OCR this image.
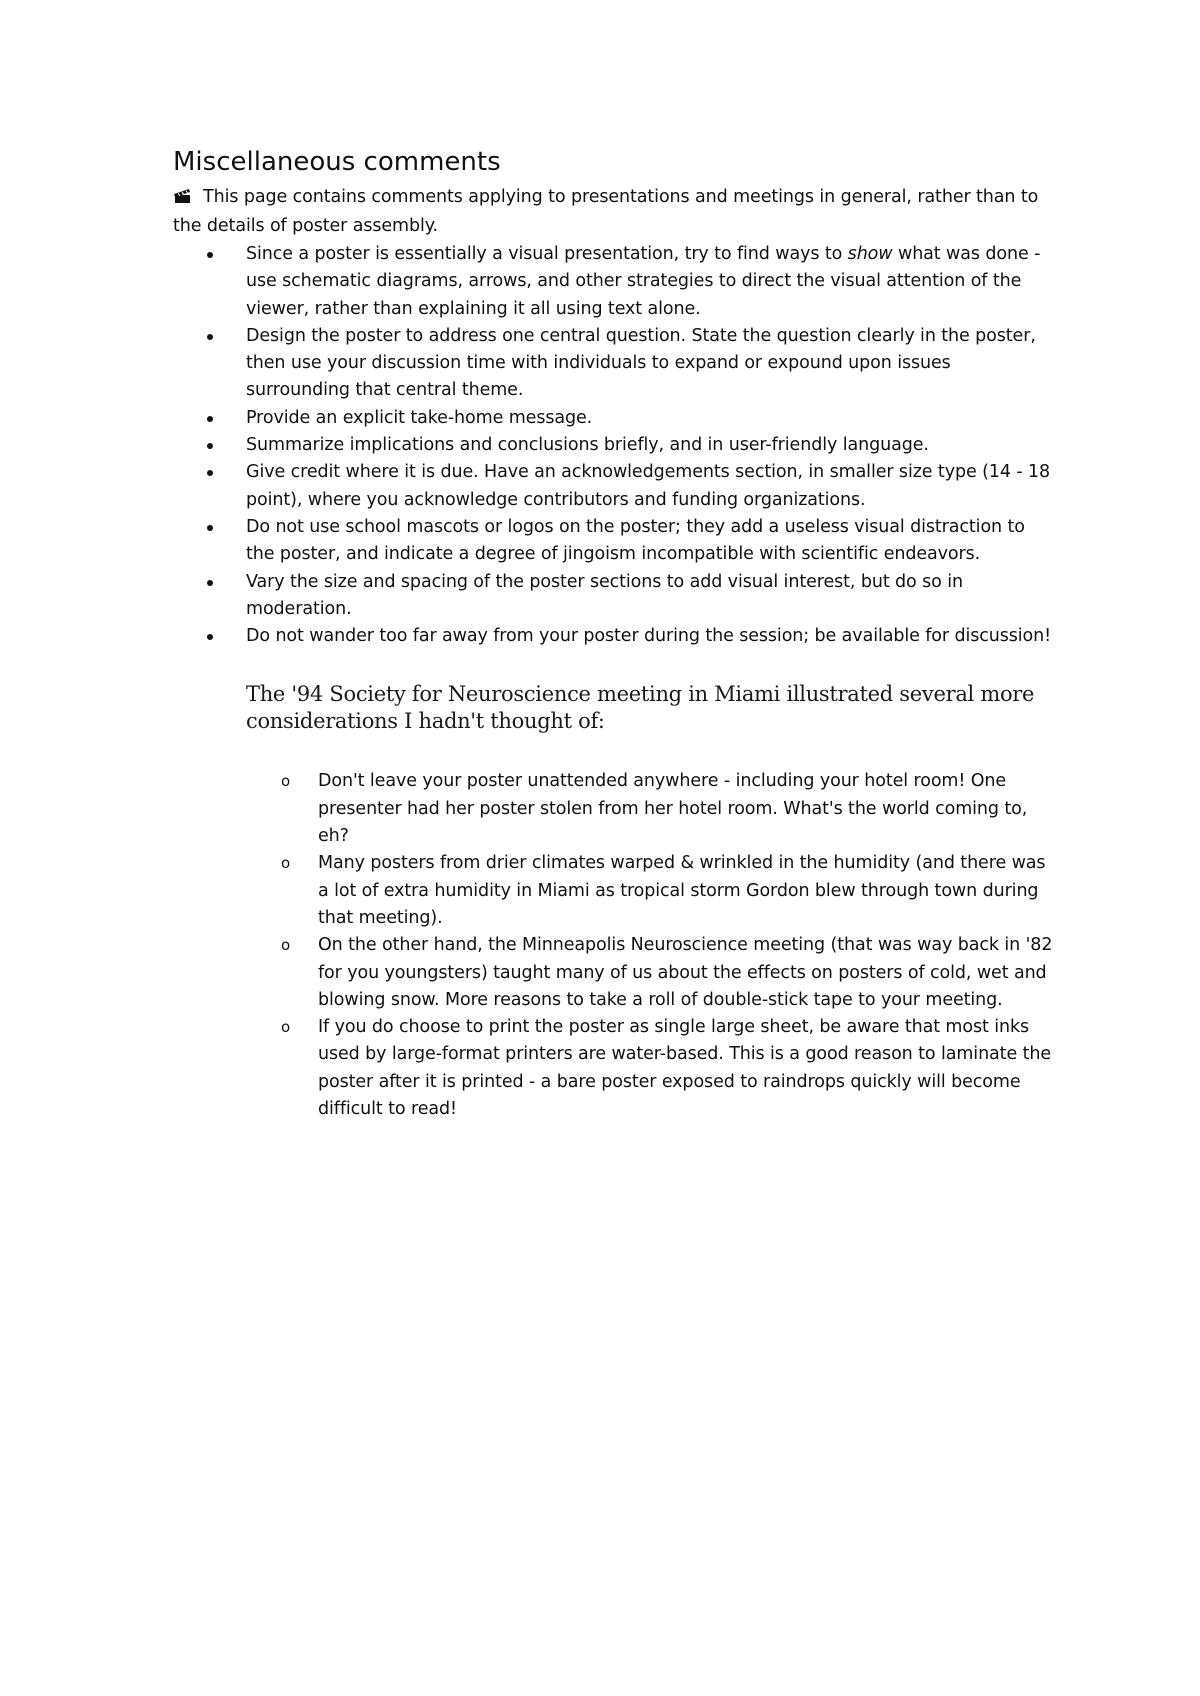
Miscellaneous comments

This page contains comments applying to presentations and meetings in general, rather than to the details of poster assembly.

Since a poster is essentially a visual presentation, try to find ways to show what was done - use schematic diagrams, arrows, and other strategies to direct the visual attention of the viewer, rather than explaining it all using text alone.
Design the poster to address one central question. State the question clearly in the poster, then use your discussion time with individuals to expand or expound upon issues surrounding that central theme.
Provide an explicit take-home message.
Summarize implications and conclusions briefly, and in user-friendly language.
Give credit where it is due. Have an acknowledgements section, in smaller size type (14 - 18 point), where you acknowledge contributors and funding organizations.
Do not use school mascots or logos on the poster; they add a useless visual distraction to the poster, and indicate a degree of jingoism incompatible with scientific endeavors.
Vary the size and spacing of the poster sections to add visual interest, but do so in moderation.
Do not wander too far away from your poster during the session; be available for discussion!

The '94 Society for Neuroscience meeting in Miami illustrated several more considerations I hadn't thought of:

o Don't leave your poster unattended anywhere - including your hotel room! One presenter had her poster stolen from her hotel room. What's the world coming to, eh?
o Many posters from drier climates warped & wrinkled in the humidity (and there was a lot of extra humidity in Miami as tropical storm Gordon blew through town during that meeting).
o On the other hand, the Minneapolis Neuroscience meeting (that was way back in '82 for you youngsters) taught many of us about the effects on posters of cold, wet and blowing snow. More reasons to take a roll of double-stick tape to your meeting.
o If you do choose to print the poster as single large sheet, be aware that most inks used by large-format printers are water-based. This is a good reason to laminate the poster after it is printed - a bare poster exposed to raindrops quickly will become difficult to read!
